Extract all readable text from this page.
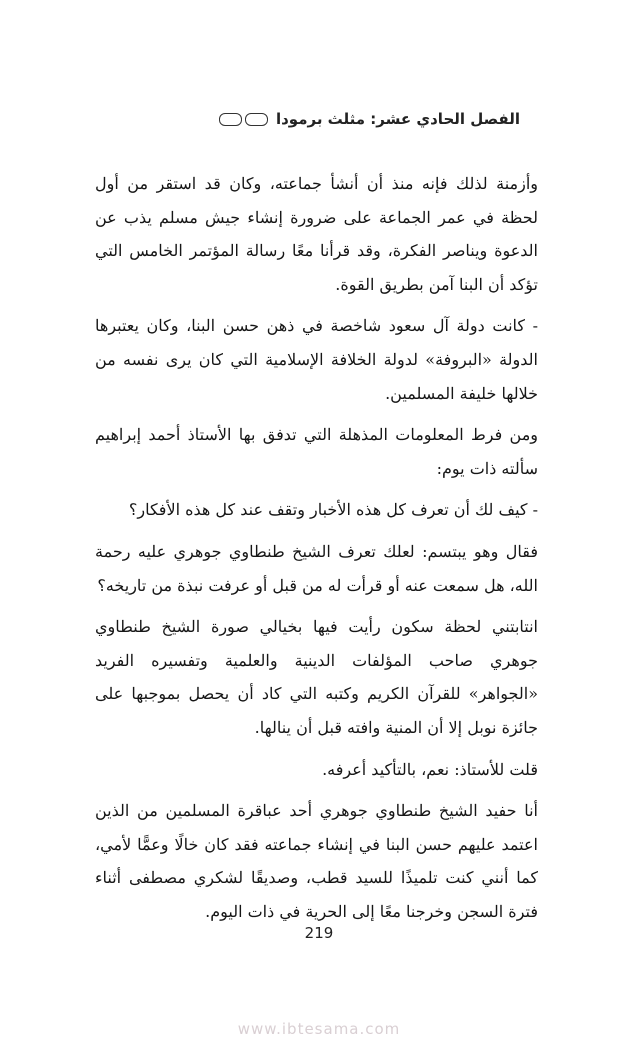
الفصل الحادي عشر: مثلث برمودا

وأزمنة لذلك فإنه منذ أن أنشأ جماعته، وكان قد استقر من أول لحظة في عمر الجماعة على ضرورة إنشاء جيش مسلم يذب عن الدعوة ويناصر الفكرة، وقد قرأنا معًا رسالة المؤتمر الخامس التي تؤكد أن البنا آمن بطريق القوة.

- كانت دولة آل سعود شاخصة في ذهن حسن البنا، وكان يعتبرها الدولة «البروفة» لدولة الخلافة الإسلامية التي كان يرى نفسه من خلالها خليفة المسلمين.

ومن فرط المعلومات المذهلة التي تدفق بها الأستاذ أحمد إبراهيم سألته ذات يوم:

- كيف لك أن تعرف كل هذه الأخبار وتقف عند كل هذه الأفكار؟

فقال وهو يبتسم: لعلك تعرف الشيخ طنطاوي جوهري عليه رحمة الله، هل سمعت عنه أو قرأت له من قبل أو عرفت نبذة من تاريخه؟

انتابتني لحظة سكون رأيت فيها بخيالي صورة الشيخ طنطاوي جوهري صاحب المؤلفات الدينية والعلمية وتفسيره الفريد «الجواهر» للقرآن الكريم وكتبه التي كاد أن يحصل بموجبها على جائزة نوبل إلا أن المنية وافته قبل أن ينالها.

قلت للأستاذ: نعم، بالتأكيد أعرفه.

أنا حفيد الشيخ طنطاوي جوهري أحد عباقرة المسلمين من الذين اعتمد عليهم حسن البنا في إنشاء جماعته فقد كان خالًا وعمًّا لأمي، كما أنني كنت تلميذًا للسيد قطب، وصديقًا لشكري مصطفى أثناء فترة السجن وخرجنا معًا إلى الحرية في ذات اليوم.

219
www.ibtesama.com
